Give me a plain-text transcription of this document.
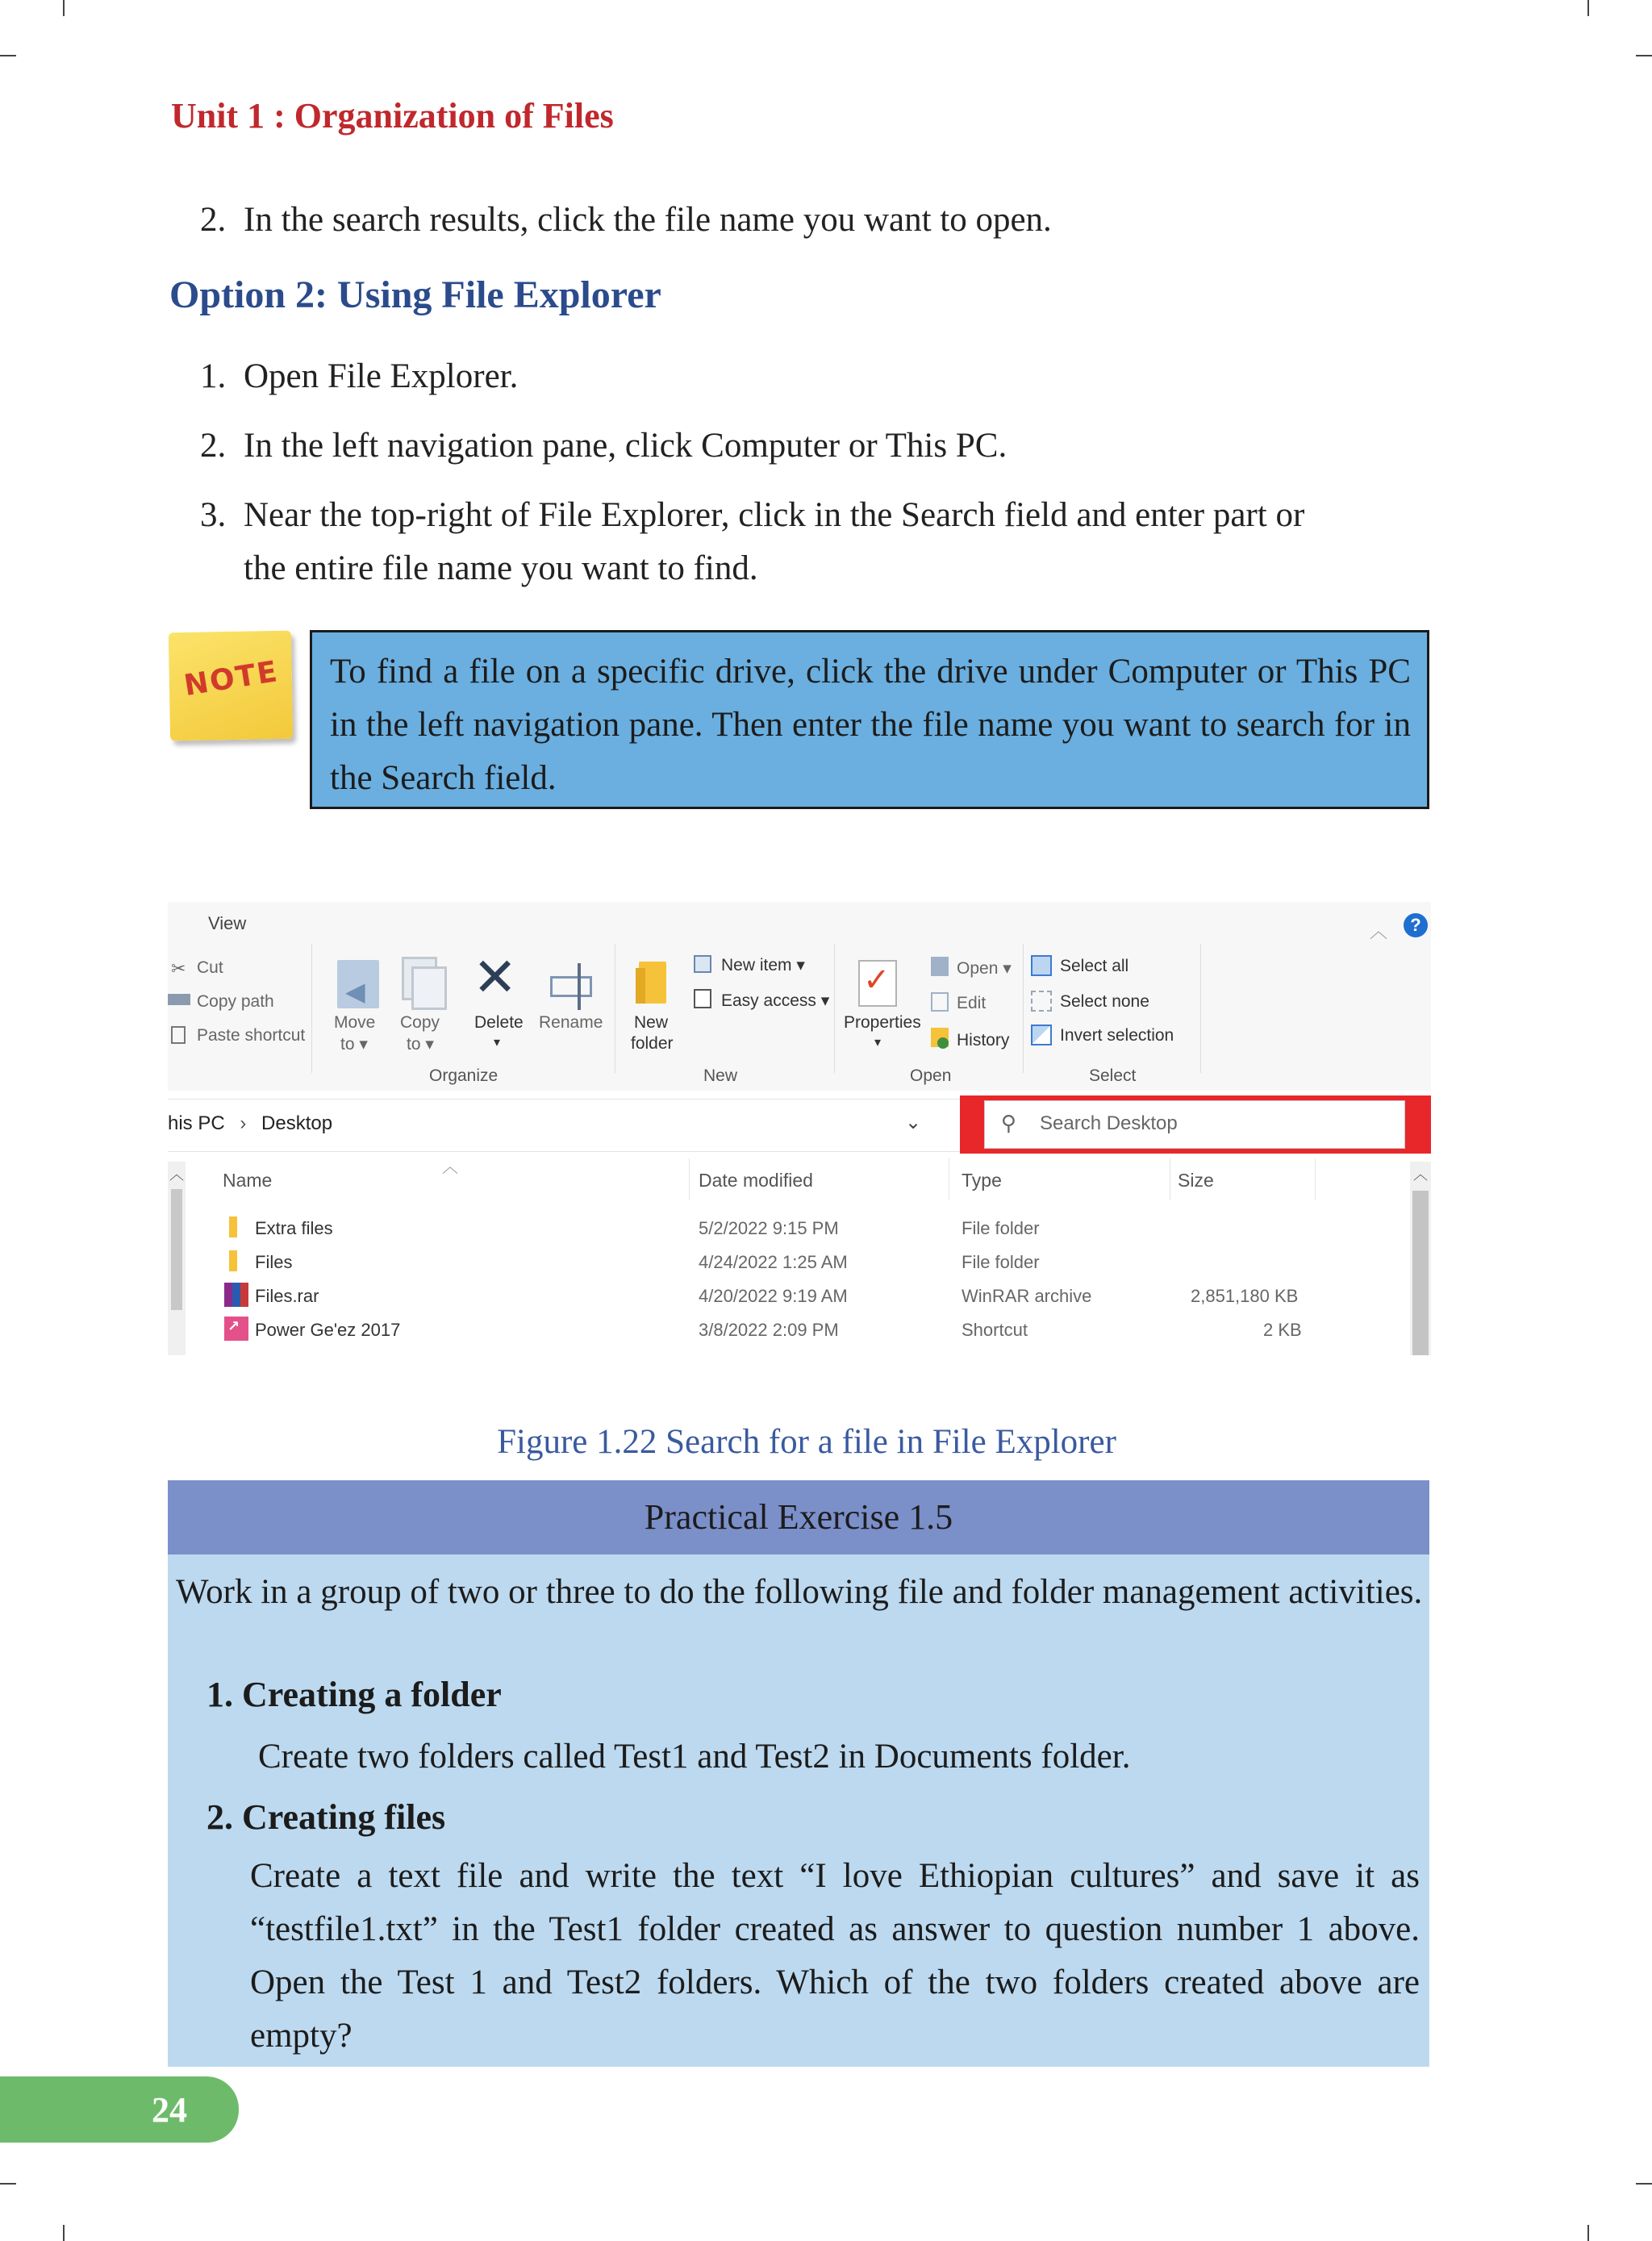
Unit 1 : Organization of Files
2. In the search results, click the file name you want to open.
Option 2: Using File Explorer
1. Open File Explorer.
2. In the left navigation pane, click Computer or This PC.
3. Near the top-right of File Explorer, click in the Search field and enter part or
the entire file name you want to find.
NOTE	To find a file on a specific drive, click the drive under Computer or This PC in the left navigation pane. Then enter the file name you want to search for in the Search field.
View	︿	?
✂ Cut
Copy path
Paste shortcut
◀
Move
to ▾
Copy
to ▾
✕
Delete
▾
Rename
Organize
New
folder
New item ▾
Easy access ▾
New
✓
Properties
▾
Open ▾
Edit
History
Open
Select all
Select none
Invert selection
Select
his PC › Desktop	⌄	⚲ Search Desktop
︿	︿
Name	Date modified	Type	Size	︿
Extra files	5/2/2022 9:15 PM	File folder
Files	4/24/2022 1:25 AM	File folder
Files.rar	4/20/2022 9:19 AM	WinRAR archive	2,851,180 KB
↗ Power Ge'ez 2017	3/8/2022 2:09 PM	Shortcut	2 KB
Figure 1.22 Search for a file in File Explorer
Practical Exercise 1.5
Work in a group of two or three to do the following file and folder management activities.
1. Creating a folder
Create two folders called Test1 and Test2 in Documents folder.
2. Creating files
Create a text file and write the text “I love Ethiopian cultures” and save it as “testfile1.txt” in the Test1 folder created as answer to question number 1 above. Open the Test 1 and Test2 folders. Which of the two folders created above are empty?
24
